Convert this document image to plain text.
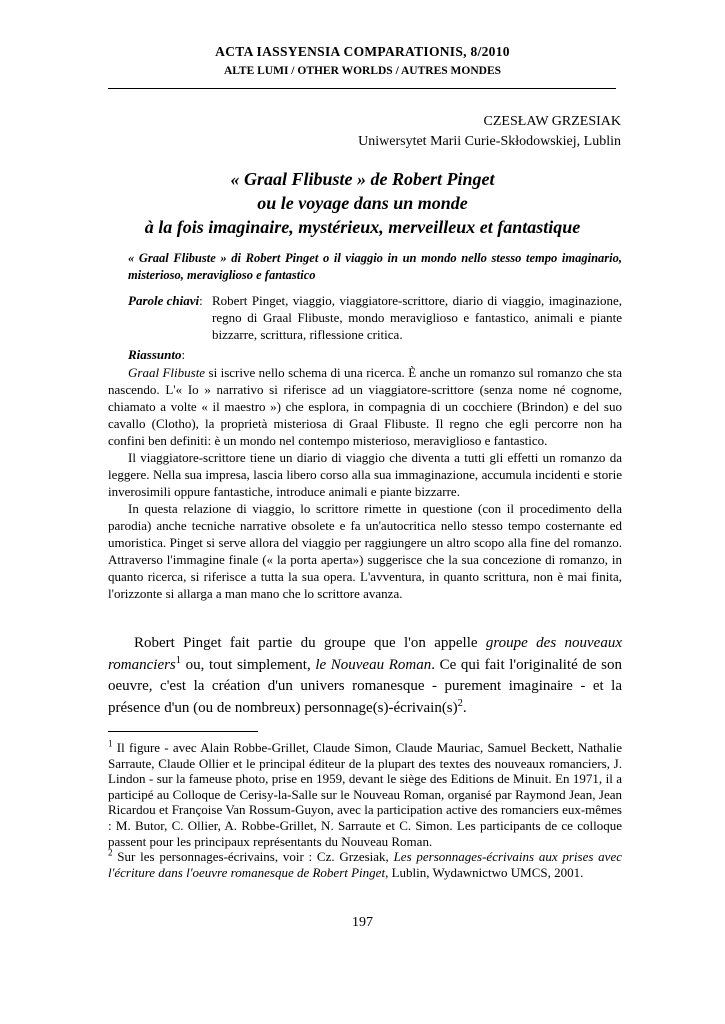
ACTA IASSYENSIA COMPARATIONIS, 8/2010
ALTE LUMI / OTHER WORLDS / AUTRES MONDES
CZESŁAW GRZESIAK
Uniwersytet Marii Curie-Skłodowskiej, Lublin
« Graal Flibuste » de Robert Pinget
ou le voyage dans un monde
à la fois imaginaire, mystérieux, merveilleux et fantastique
« Graal Flibuste » di Robert Pinget o il viaggio in un mondo nello stesso tempo imaginario, misterioso, meraviglioso e fantastico
Parole chiavi: Robert Pinget, viaggio, viaggiatore-scrittore, diario di viaggio, imaginazione, regno di Graal Flibuste, mondo meraviglioso e fantastico, animali e piante bizzarre, scrittura, riflessione critica.
Riassunto:

Graal Flibuste si iscrive nello schema di una ricerca. È anche un romanzo sul romanzo che sta nascendo. L'« Io » narrativo si riferisce ad un viaggiatore-scrittore (senza nome né cognome, chiamato a volte « il maestro ») che esplora, in compagnia di un cocchiere (Brindon) e del suo cavallo (Clotho), la proprietà misteriosa di Graal Flibuste. Il regno che egli percorre non ha confini ben definiti: è un mondo nel contempo misterioso, meraviglioso e fantastico.

Il viaggiatore-scrittore tiene un diario di viaggio che diventa a tutti gli effetti un romanzo da leggere. Nella sua impresa, lascia libero corso alla sua immaginazione, accumula incidenti e storie inverosimili oppure fantastiche, introduce animali e piante bizzarre.

In questa relazione di viaggio, lo scrittore rimette in questione (con il procedimento della parodia) anche tecniche narrative obsolete e fa un'autocritica nello stesso tempo costernante ed umoristica. Pinget si serve allora del viaggio per raggiungere un altro scopo alla fine del romanzo. Attraverso l'immagine finale (« la porta aperta») suggerisce che la sua concezione di romanzo, in quanto ricerca, si riferisce a tutta la sua opera. L'avventura, in quanto scrittura, non è mai finita, l'orizzonte si allarga a man mano che lo scrittore avanza.

Robert Pinget fait partie du groupe que l'on appelle groupe des nouveaux romanciers$^1$ ou, tout simplement, le Nouveau Roman. Ce qui fait l'originalité de son oeuvre, c'est la création d'un univers romanesque ‑ purement imaginaire ‑ et la présence d'un (ou de nombreux) $personnage(s)-écrivain(s)^2$.

$^1$ Il figure ‑ avec Alain Robbe-Grillet, Claude Simon, Claude Mauriac, Samuel Beckett, Nathalie Sarraute, Claude Ollier et le principal éditeur de la plupart des textes des nouveaux romanciers, J. Lindon ‑ sur la fameuse photo, prise en 1959, devant le siège des Editions de Minuit. En 1971, il a participé au Colloque de Cerisy-la-Salle sur le Nouveau Roman, organisé par Raymond Jean, Jean Ricardou et Françoise Van Rossum-Guyon, avec la participation active des romanciers eux-mêmes : M. Butor, C. Ollier, A. Robbe-Grillet, N. Sarraute et C. Simon. Les participants de ce colloque passent pour les principaux représentants du Nouveau Roman.

$^2$ Sur les personnages-écrivains, voir : Cz. Grzesiak, Les personnages-écrivains aux prises avec l'écriture dans l'oeuvre romanesque de Robert Pinget, Lublin, Wydawnictwo UMCS, 2001.

197
